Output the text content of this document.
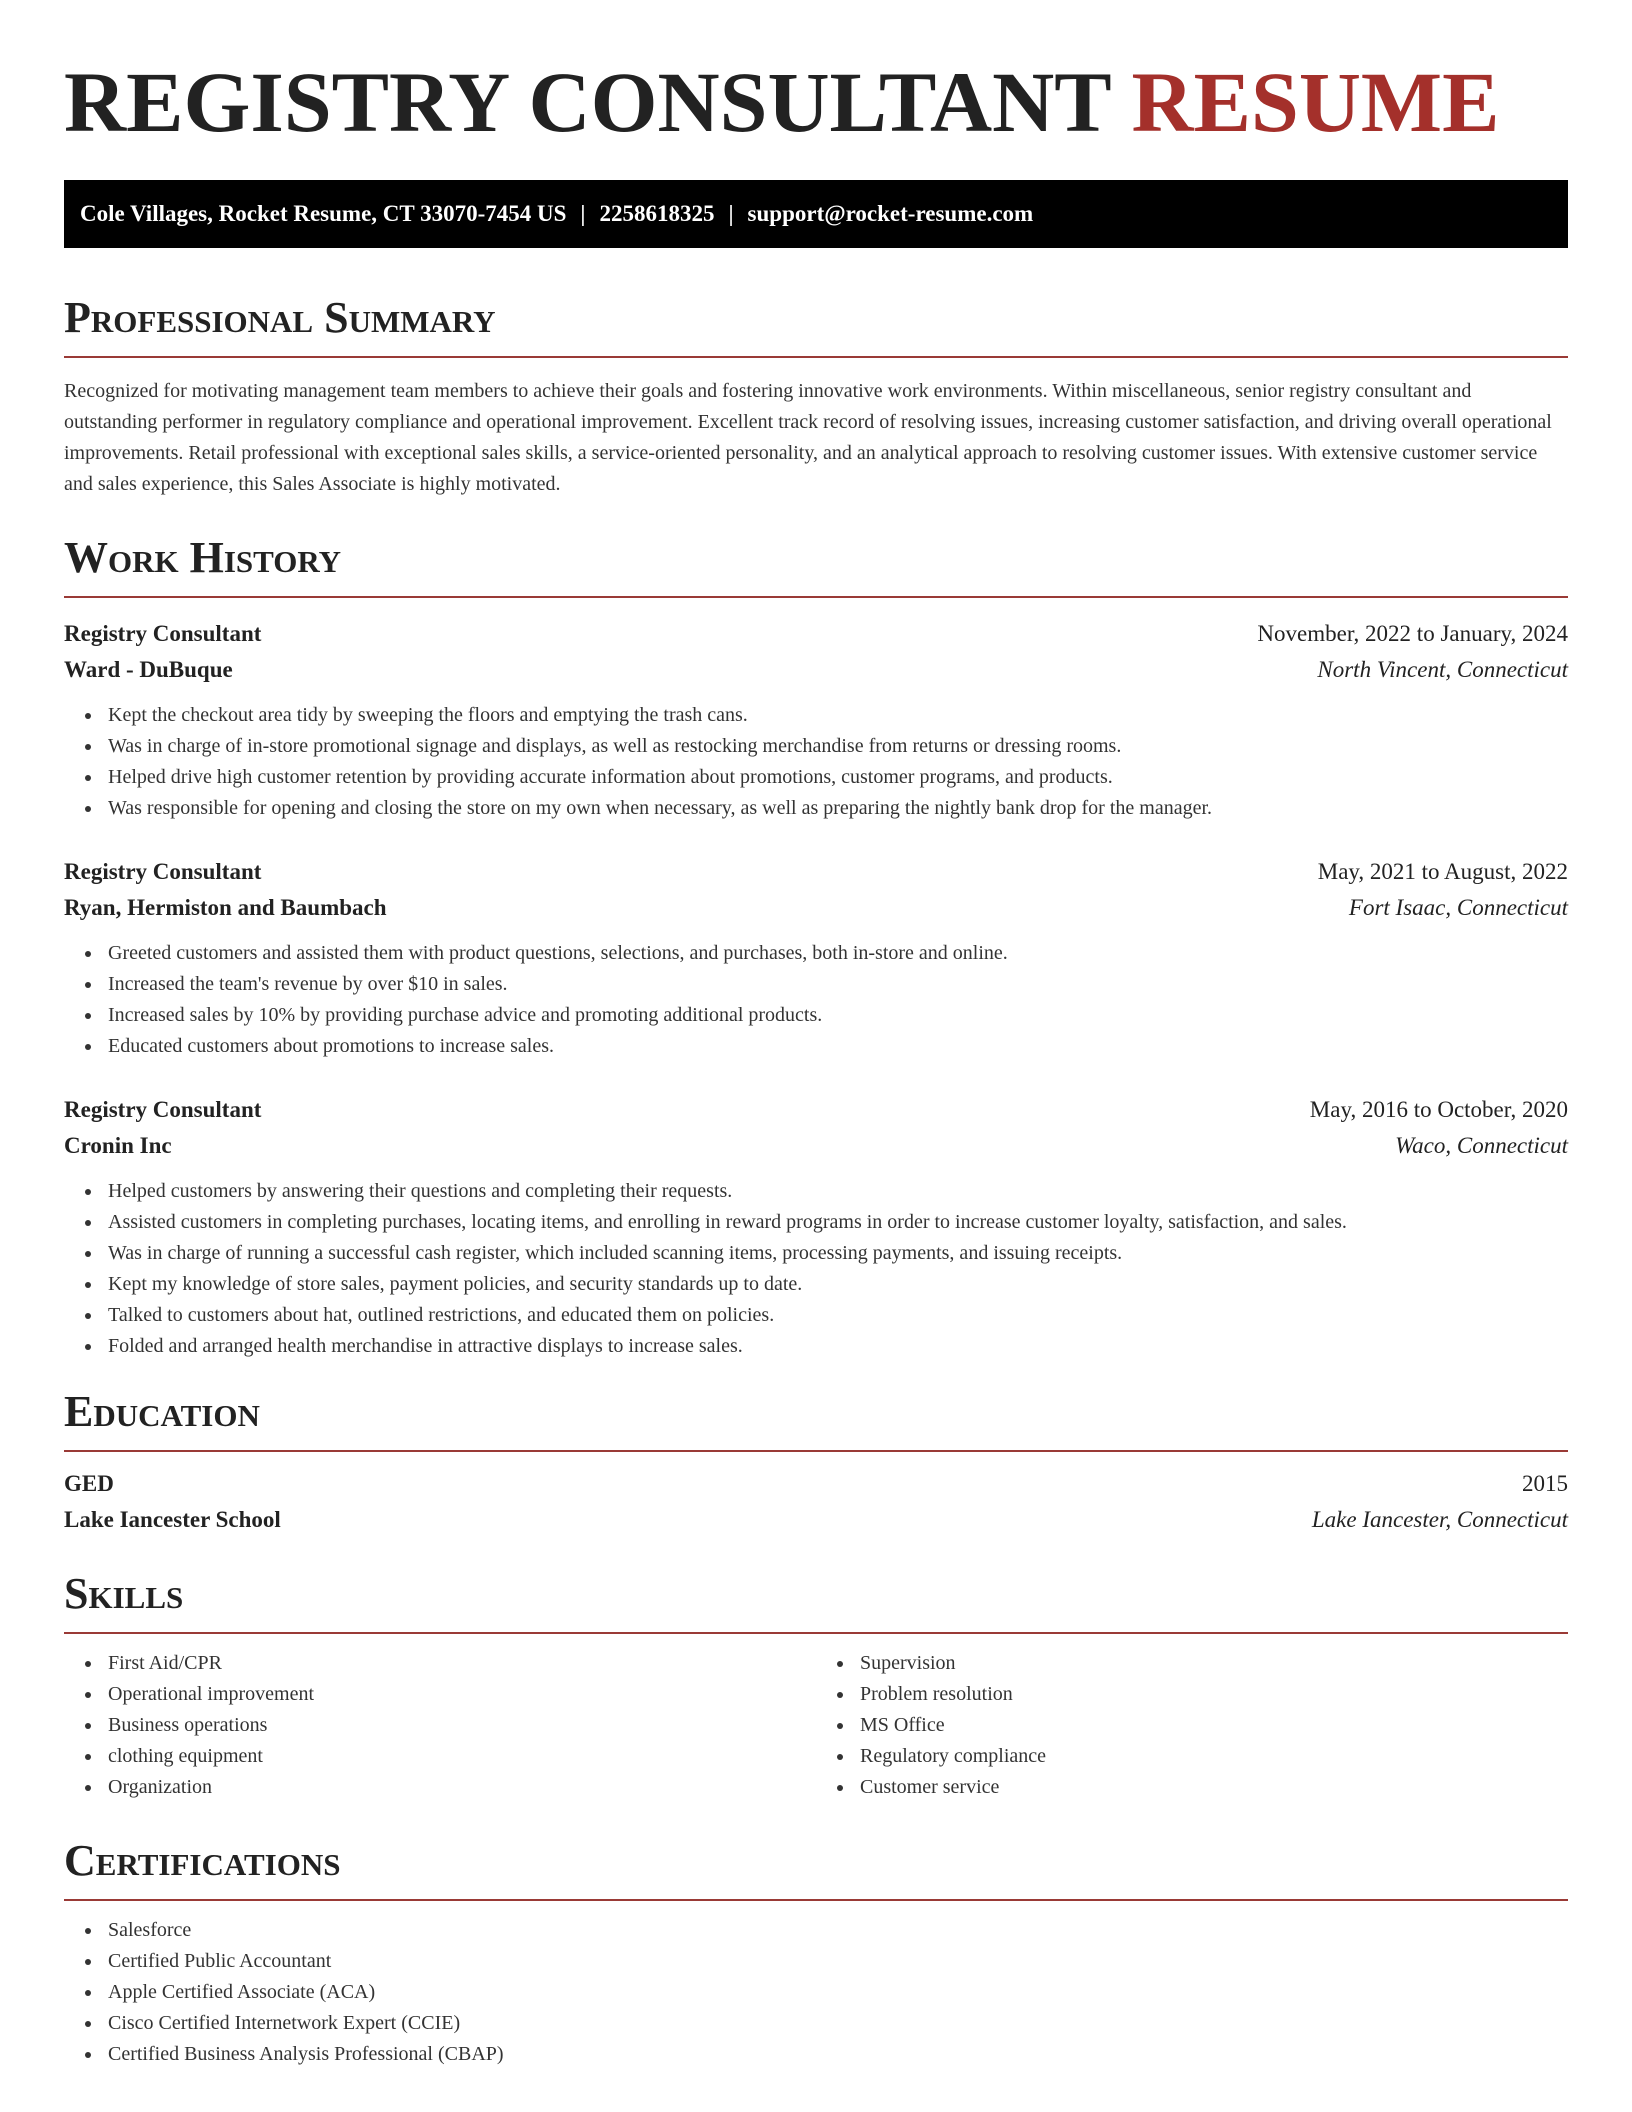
REGISTRY CONSULTANT RESUME
Cole Villages, Rocket Resume, CT 33070-7454 US | 2258618325 | support@rocket-resume.com
Professional Summary

Recognized for motivating management team members to achieve their goals and fostering innovative work environments. Within miscellaneous, senior registry consultant and outstanding performer in regulatory compliance and operational improvement. Excellent track record of resolving issues, increasing customer satisfaction, and driving overall operational improvements. Retail professional with exceptional sales skills, a service-oriented personality, and an analytical approach to resolving customer issues. With extensive customer service and sales experience, this Sales Associate is highly motivated.

Work History
Registry Consultant	November, 2022 to January, 2024
Ward - DuBuque	North Vincent, Connecticut
Kept the checkout area tidy by sweeping the floors and emptying the trash cans.
Was in charge of in-store promotional signage and displays, as well as restocking merchandise from returns or dressing rooms.
Helped drive high customer retention by providing accurate information about promotions, customer programs, and products.
Was responsible for opening and closing the store on my own when necessary, as well as preparing the nightly bank drop for the manager.
Registry Consultant	May, 2021 to August, 2022
Ryan, Hermiston and Baumbach	Fort Isaac, Connecticut
Greeted customers and assisted them with product questions, selections, and purchases, both in-store and online.
Increased the team's revenue by over $10 in sales.
Increased sales by 10% by providing purchase advice and promoting additional products.
Educated customers about promotions to increase sales.
Registry Consultant	May, 2016 to October, 2020
Cronin Inc	Waco, Connecticut
Helped customers by answering their questions and completing their requests.
Assisted customers in completing purchases, locating items, and enrolling in reward programs in order to increase customer loyalty, satisfaction, and sales.
Was in charge of running a successful cash register, which included scanning items, processing payments, and issuing receipts.
Kept my knowledge of store sales, payment policies, and security standards up to date.
Talked to customers about hat, outlined restrictions, and educated them on policies.
Folded and arranged health merchandise in attractive displays to increase sales.
Education
GED	2015
Lake Iancester School	Lake Iancester, Connecticut
Skills
First Aid/CPR
Operational improvement
Business operations
clothing equipment
Organization
Supervision
Problem resolution
MS Office
Regulatory compliance
Customer service
Certifications
Salesforce
Certified Public Accountant
Apple Certified Associate (ACA)
Cisco Certified Internetwork Expert (CCIE)
Certified Business Analysis Professional (CBAP)
